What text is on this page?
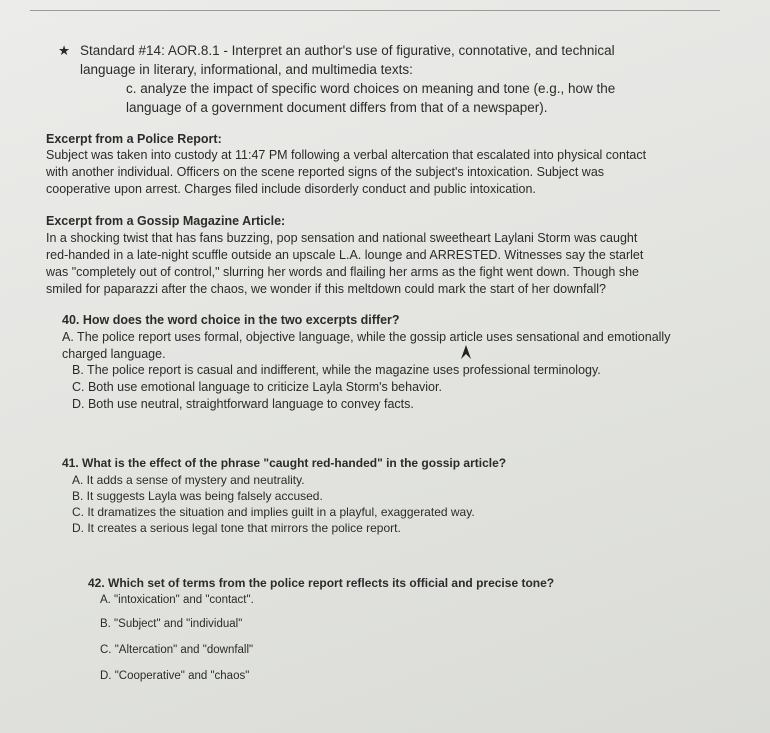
★ Standard #14: AOR.8.1 - Interpret an author's use of figurative, connotative, and technical
language in literary, informational, and multimedia texts:
c. analyze the impact of specific word choices on meaning and tone (e.g., how the
language of a government document differs from that of a newspaper).
Excerpt from a Police Report:
Subject was taken into custody at 11:47 PM following a verbal altercation that escalated into physical contact
with another individual. Officers on the scene reported signs of the subject's intoxication. Subject was
cooperative upon arrest. Charges filed include disorderly conduct and public intoxication.
Excerpt from a Gossip Magazine Article:
In a shocking twist that has fans buzzing, pop sensation and national sweetheart Laylani Storm was caught
red-handed in a late-night scuffle outside an upscale L.A. lounge and ARRESTED. Witnesses say the starlet
was "completely out of control," slurring her words and flailing her arms as the fight went down. Though she
smiled for paparazzi after the chaos, we wonder if this meltdown could mark the start of her downfall?
40. How does the word choice in the two excerpts differ?
A. The police report uses formal, objective language, while the gossip article uses sensational and emotionally
charged language.
B. The police report is casual and indifferent, while the magazine uses professional terminology.
C. Both use emotional language to criticize Layla Storm's behavior.
D. Both use neutral, straightforward language to convey facts.
41. What is the effect of the phrase "caught red-handed" in the gossip article?
A. It adds a sense of mystery and neutrality.
B. It suggests Layla was being falsely accused.
C. It dramatizes the situation and implies guilt in a playful, exaggerated way.
D. It creates a serious legal tone that mirrors the police report.
42. Which set of terms from the police report reflects its official and precise tone?
A. "intoxication" and "contact".
B. "Subject" and "individual"
C. "Altercation" and "downfall"
D. "Cooperative" and "chaos"
